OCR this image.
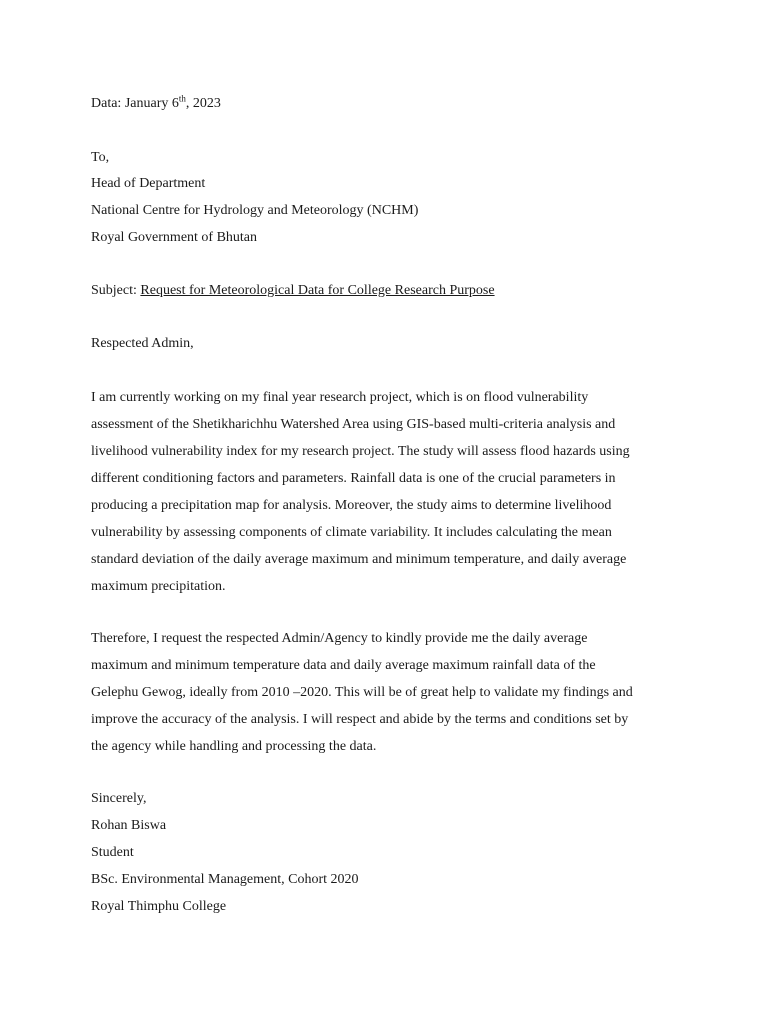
Data: January 6th, 2023
To,
Head of Department
National Centre for Hydrology and Meteorology (NCHM)
Royal Government of Bhutan
Subject: Request for Meteorological Data for College Research Purpose
Respected Admin,
I am currently working on my final year research project, which is on flood vulnerability
assessment of the Shetikharichhu Watershed Area using GIS-based multi-criteria analysis and
livelihood vulnerability index for my research project. The study will assess flood hazards using
different conditioning factors and parameters. Rainfall data is one of the crucial parameters in
producing a precipitation map for analysis. Moreover, the study aims to determine livelihood
vulnerability by assessing components of climate variability. It includes calculating the mean
standard deviation of the daily average maximum and minimum temperature, and daily average
maximum precipitation.
Therefore, I request the respected Admin/Agency to kindly provide me the daily average
maximum and minimum temperature data and daily average maximum rainfall data of the
Gelephu Gewog, ideally from 2010 –2020. This will be of great help to validate my findings and
improve the accuracy of the analysis. I will respect and abide by the terms and conditions set by
the agency while handling and processing the data.
Sincerely,
Rohan Biswa
Student
BSc. Environmental Management, Cohort 2020
Royal Thimphu College
